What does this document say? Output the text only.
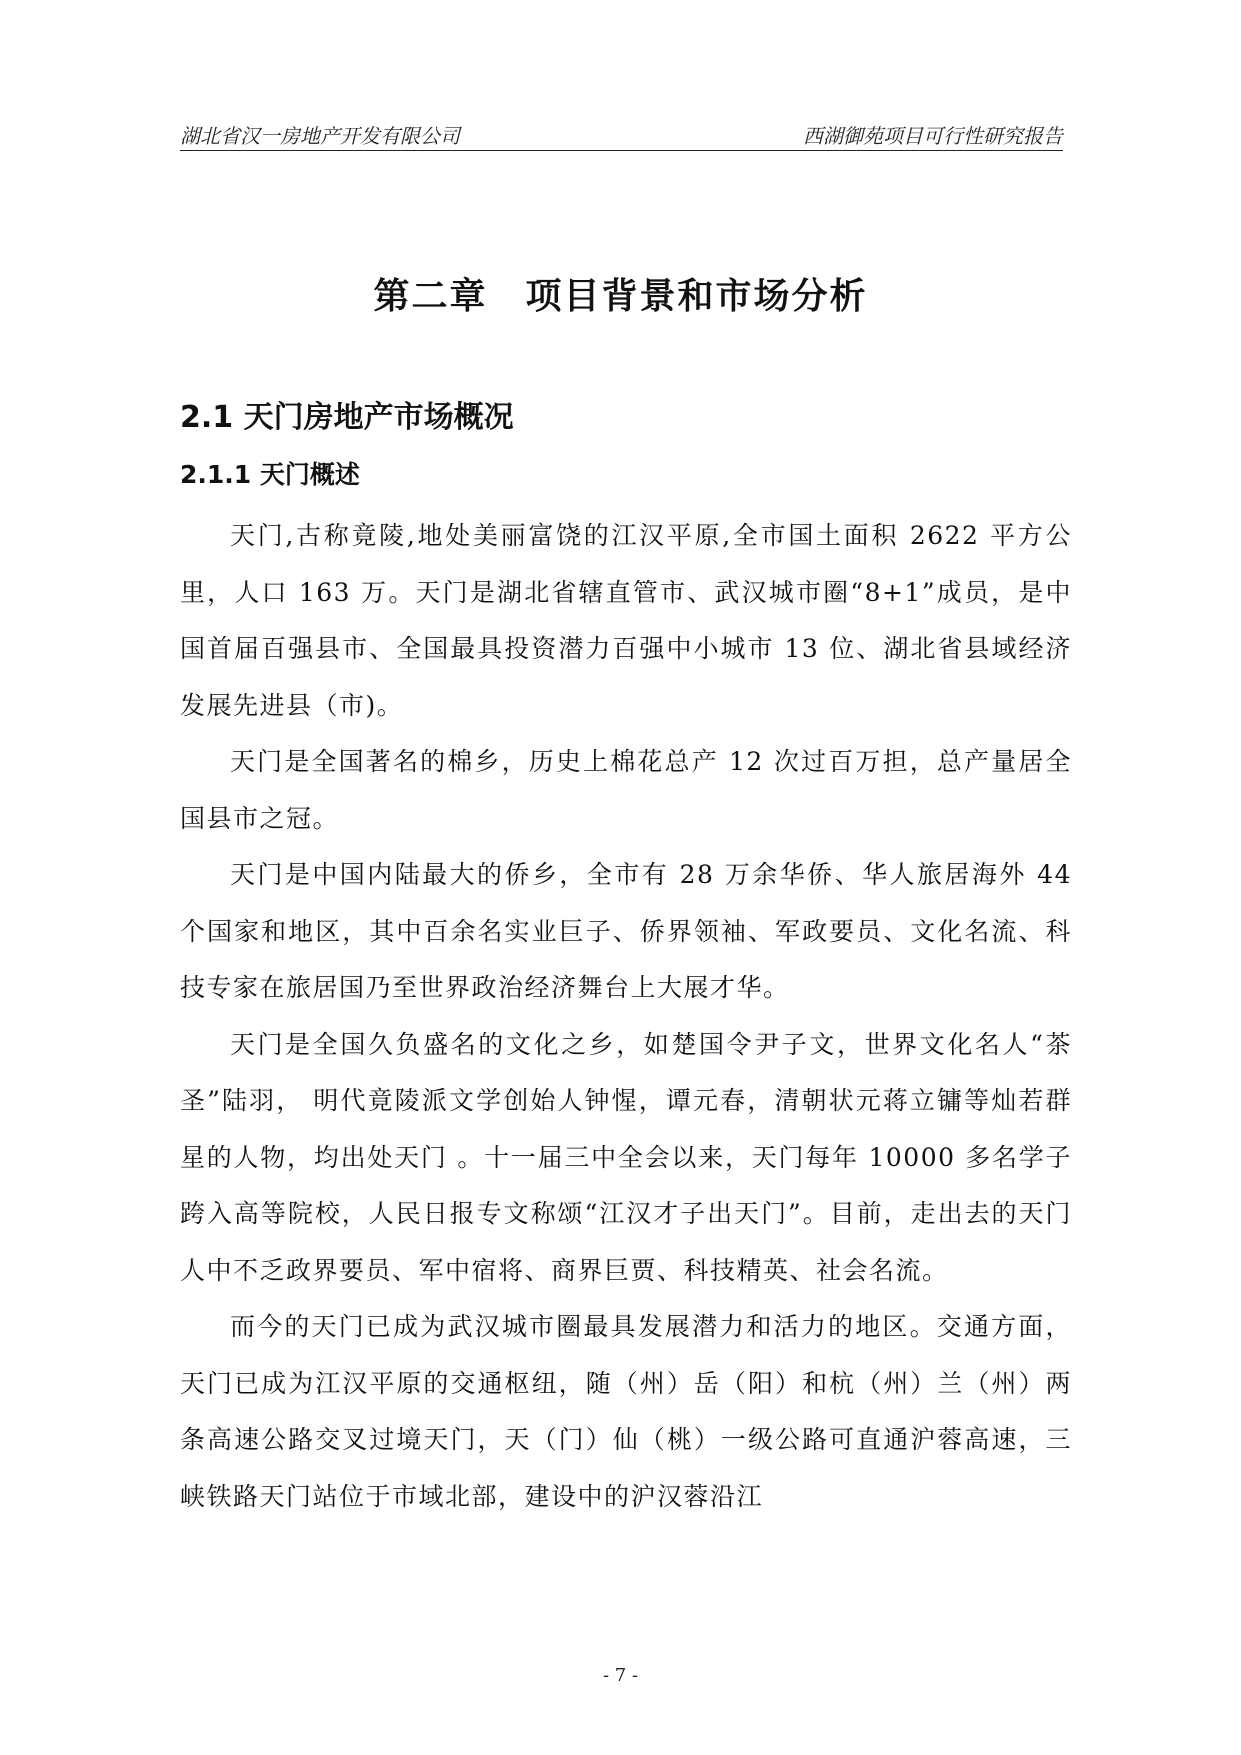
湖北省汉一房地产开发有限公司	西湖御苑项目可行性研究报告
第二章 项目背景和市场分析
2.1 天门房地产市场概况
2.1.1 天门概述

天门,古称竟陵,地处美丽富饶的江汉平原,全市国土面积 2622 平方公里，人口 163 万。天门是湖北省辖直管市、武汉城市圈“8+1”成员，是中国首届百强县市、全国最具投资潜力百强中小城市 13 位、湖北省县域经济发展先进县（市)。

天门是全国著名的棉乡，历史上棉花总产 12 次过百万担，总产量居全国县市之冠。

天门是中国内陆最大的侨乡，全市有 28 万余华侨、华人旅居海外 44 个国家和地区，其中百余名实业巨子、侨界领袖、军政要员、文化名流、科技专家在旅居国乃至世界政治经济舞台上大展才华。

天门是全国久负盛名的文化之乡，如楚国令尹子文，世界文化名人“茶圣”陆羽， 明代竟陵派文学创始人钟惺，谭元春，清朝状元蒋立镛等灿若群星的人物，均出处天门 。十一届三中全会以来，天门每年 10000 多名学子跨入高等院校，人民日报专文称颂“江汉才子出天门”。目前，走出去的天门人中不乏政界要员、军中宿将、商界巨贾、科技精英、社会名流。

而今的天门已成为武汉城市圈最具发展潜力和活力的地区。交通方面，天门已成为江汉平原的交通枢纽，随（州）岳（阳）和杭（州）兰（州）两条高速公路交叉过境天门，天（门）仙（桃）一级公路可直通沪蓉高速，三峡铁路天门站位于市域北部，建设中的沪汉蓉沿江

- 7 -
